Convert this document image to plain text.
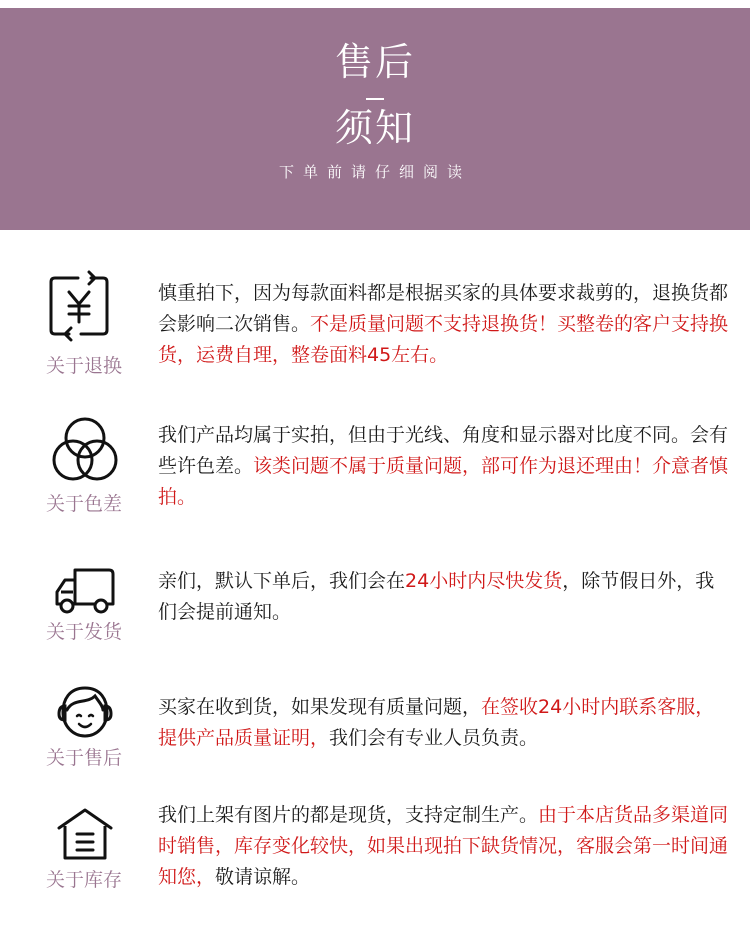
售后
须知
下单前请仔细阅读
关于退换
慎重拍下，因为每款面料都是根据买家的具体要求裁剪的，退换货都会影响二次销售。不是质量问题不支持退换货！买整卷的客户支持换货，运费自理，整卷面料45左右。
关于色差
我们产品均属于实拍，但由于光线、角度和显示器对比度不同。会有些许色差。该类问题不属于质量问题，部可作为退还理由！介意者慎拍。
关于发货
亲们，默认下单后，我们会在24小时内尽快发货，除节假日外，我们会提前通知。
关于售后
买家在收到货，如果发现有质量问题，在签收24小时内联系客服，提供产品质量证明，我们会有专业人员负责。
关于库存
我们上架有图片的都是现货，支持定制生产。由于本店货品多渠道同时销售，库存变化较快，如果出现拍下缺货情况，客服会第一时间通知您，敬请谅解。
